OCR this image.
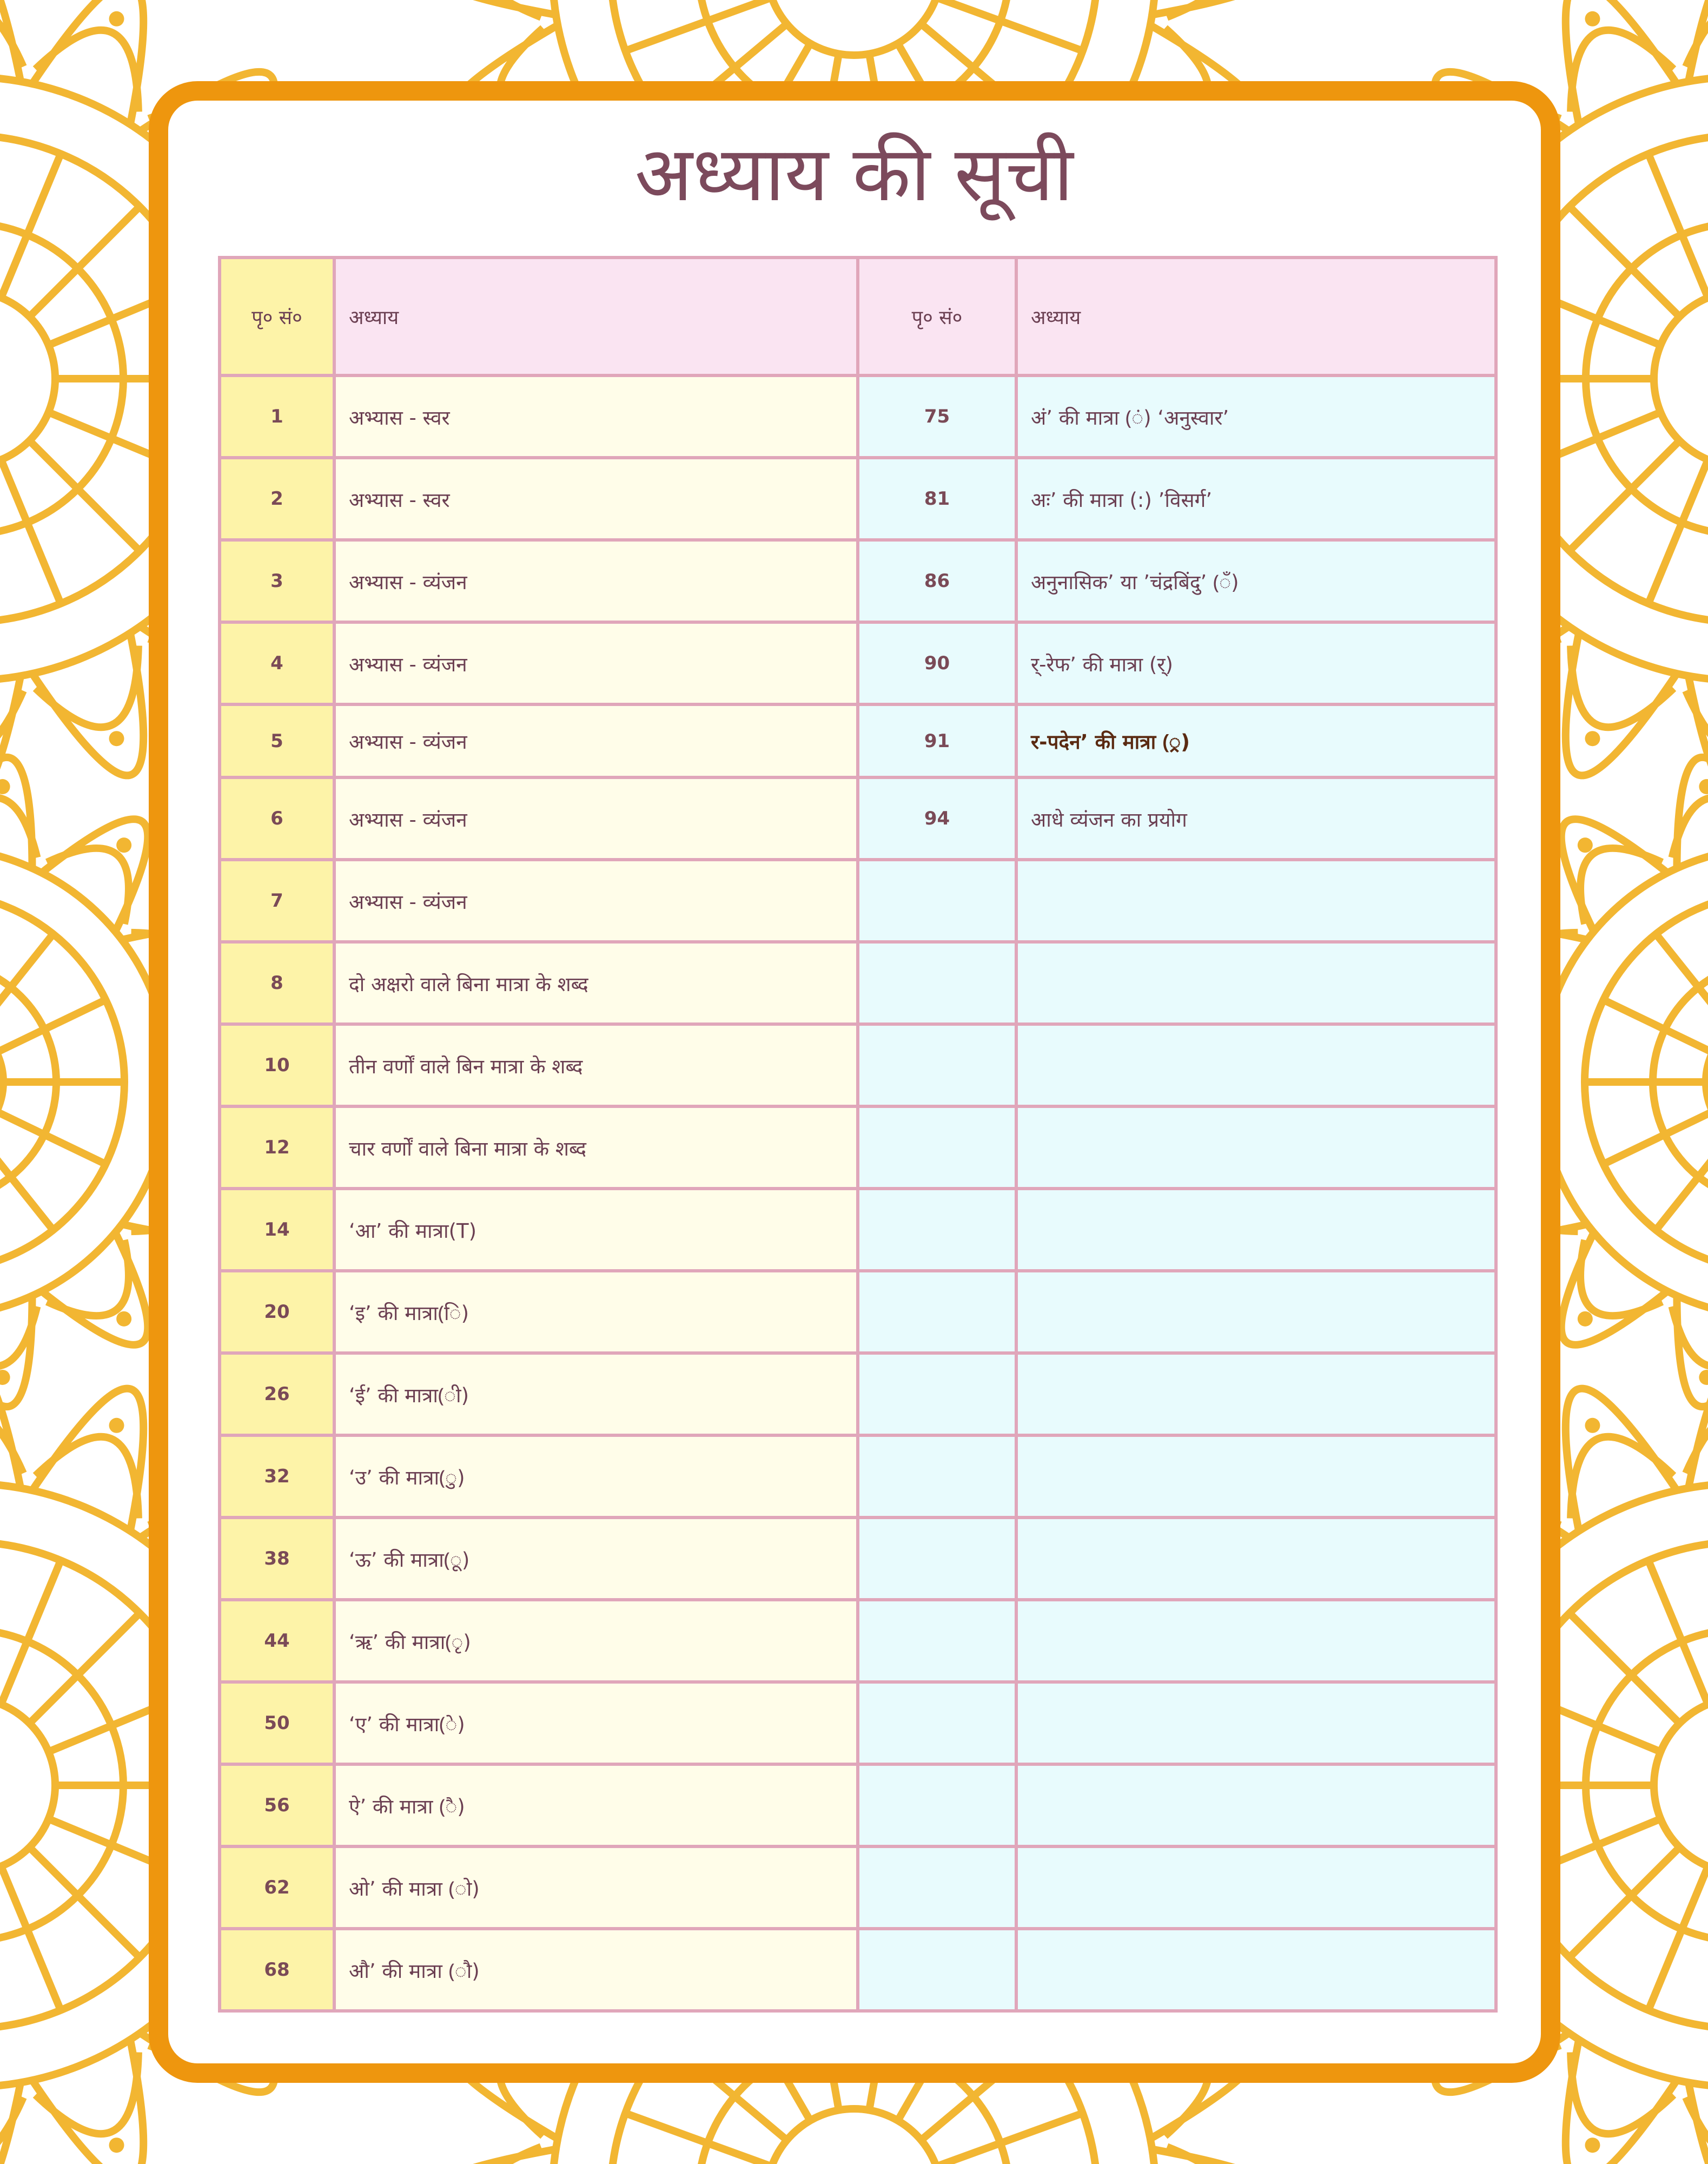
अध्याय की सूची
पृ० सं०	अध्याय	पृ० सं०	अध्याय
1	अभ्यास - स्वर	75	अं’ की मात्रा (ं) ‘अनुस्वार’
2	अभ्यास - स्वर	81	अः’ की मात्रा (:) ’विसर्ग’
3	अभ्यास - व्यंजन	86	अनुनासिक’ या ’चंद्रबिंदु’ (ँ)
4	अभ्यास - व्यंजन	90	र्-रेफ’ की मात्रा (र्)
5	अभ्यास - व्यंजन	91	र-पदेन’ की मात्रा (्र)
6	अभ्यास - व्यंजन	94	आधे व्यंजन का प्रयोग
7	अभ्यास - व्यंजन		
8	दो अक्षरो वाले बिना मात्रा के शब्द		
10	तीन वर्णों वाले बिन मात्रा के शब्द		
12	चार वर्णों वाले बिना मात्रा के शब्द		
14	‘आ’ की मात्रा(T)		
20	‘इ’ की मात्रा(ि)		
26	‘ई’ की मात्रा(ी)		
32	‘उ’ की मात्रा(ु)		
38	‘ऊ’ की मात्रा(ू)		
44	‘ऋ’ की मात्रा(ृ)		
50	‘ए’ की मात्रा(े)		
56	ऐ’ की मात्रा (ै)		
62	ओ’ की मात्रा (ो)		
68	औ’ की मात्रा (ौ)		
